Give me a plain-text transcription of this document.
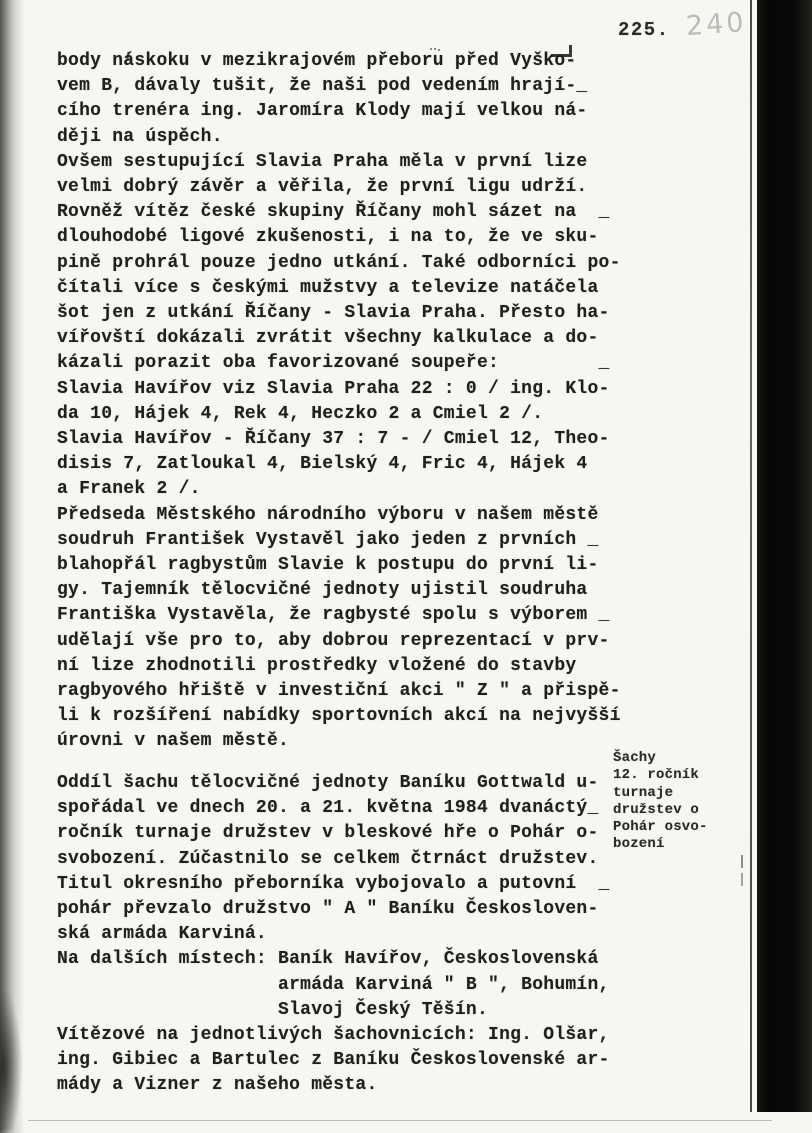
225. 240
body náskoku v mezikrajovém přeboru před Vyško-
vem B, dávaly tušit, že naši pod vedením hrají-_
cího trenéra ing. Jaromíra Klody mají velkou ná-
ději na úspěch.
Ovšem sestupující Slavia Praha měla v první lize
velmi dobrý závěr a věřila, že první ligu udrží.
Rovněž vítěz české skupiny Říčany mohl sázet na  _
dlouhodobé ligové zkušenosti, i na to, že ve sku-
pině prohrál pouze jedno utkání. Také odborníci po-
čítali více s českými mužstvy a televize natáčela
šot jen z utkání Říčany - Slavia Praha. Přesto ha-
vířovští dokázali zvrátit všechny kalkulace a do-
kázali porazit oba favorizované soupeře:         _
Slavia Havířov viz Slavia Praha 22 : 0 / ing. Klo-
da 10, Hájek 4, Rek 4, Heczko 2 a Cmiel 2 /.
Slavia Havířov - Říčany 37 : 7 - / Cmiel 12, Theo-
disis 7, Zatloukal 4, Bielský 4, Fric 4, Hájek 4
a Franek 2 /.
Předseda Městského národního výboru v našem městě
soudruh František Vystavěl jako jeden z prvních _
blahopřál ragbystům Slavie k postupu do první li-
gy. Tajemník tělocvičné jednoty ujistil soudruha
Františka Vystavěla, že ragbysté spolu s výborem _
udělají vše pro to, aby dobrou reprezentací v prv-
ní lize zhodnotili prostředky vložené do stavby
ragbyového hřiště v investiční akci " Z " a přispě-
li k rozšíření nabídky sportovních akcí na nejvyšší
úrovni v našem městě.
Oddíl šachu tělocvičné jednoty Baníku Gottwald u-
spořádal ve dnech 20. a 21. května 1984 dvanáctý_
ročník turnaje družstev v bleskové hře o Pohár o-
svobození. Zúčastnilo se celkem čtrnáct družstev.
Titul okresního přeborníka vybojovalo a putovní  _
pohár převzalo družstvo " A " Baníku Českosloven-
ská armáda Karviná.
Na dalších místech: Baník Havířov, Československá
armáda Karviná " B ", Bohumín,
Slavoj Český Těšín.
Vítězové na jednotlivých šachovnicích: Ing. Olšar,
ing. Gibiec a Bartulec z Baníku Československé ar-
mády a Vizner z našeho města.
Šachy
12. ročník
turnaje
družstev o
Pohár osvo-
bození
